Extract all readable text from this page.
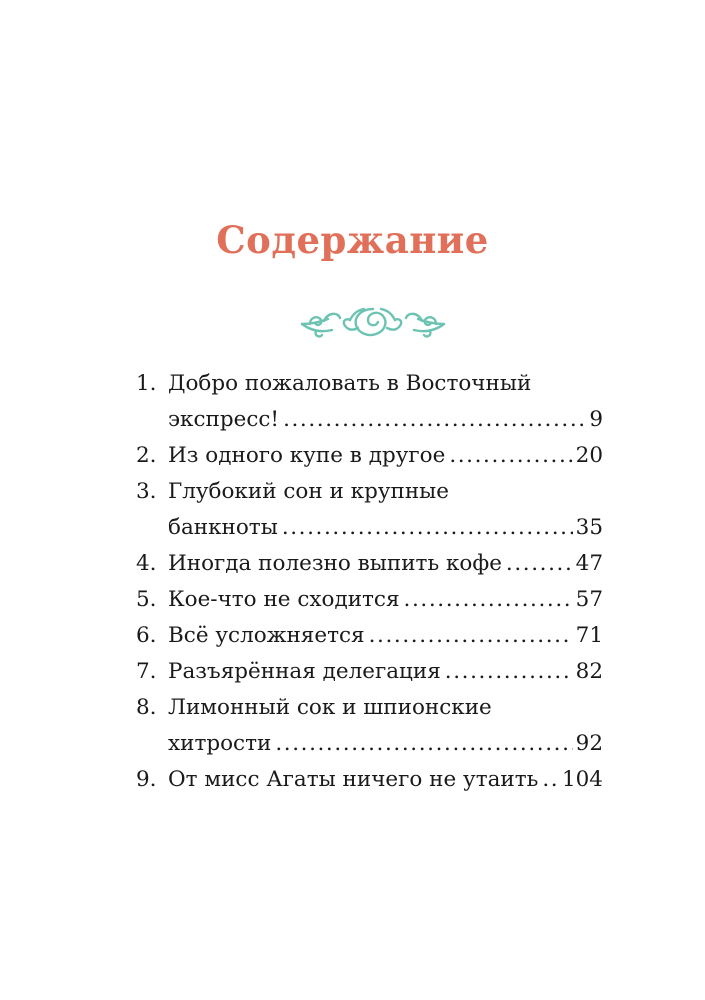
Содержание
1. Добро пожаловать в Восточный
экспресс! .....	9
2. Из одного купе в другое .....	20
3. Глубокий сон и крупные
банкноты .....	35
4. Иногда полезно выпить кофе .....	47
5. Кое-что не сходится .....	57
6. Всё усложняется .....	71
7. Разъярённая делегация .....	82
8. Лимонный сок и шпионские
хитрости .....	92
9. От мисс Агаты ничего не утаить ..... 104
